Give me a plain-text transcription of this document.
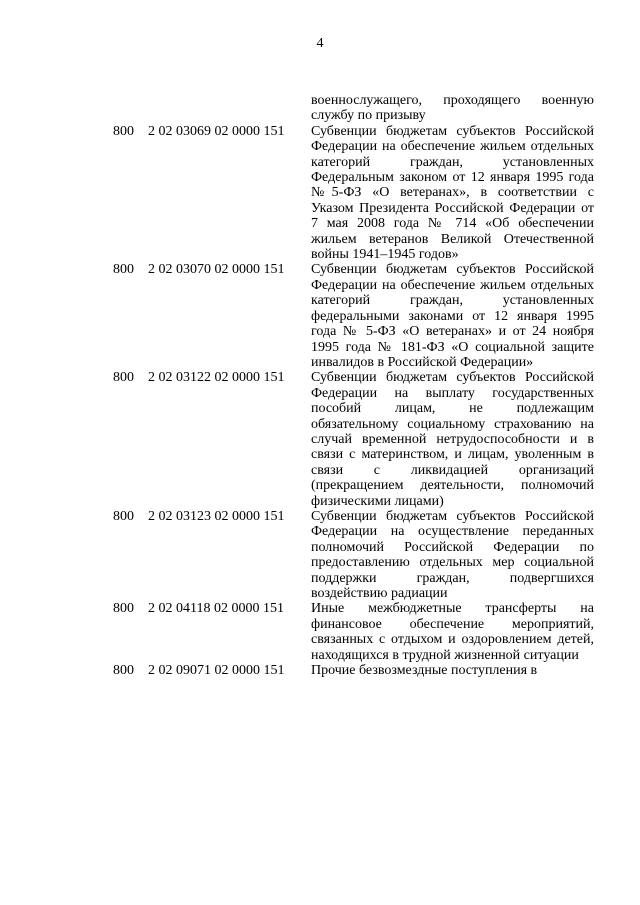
4
военнослужащего, проходящего военную службу по призыву
800 2 02 03069 02 0000 151 Субвенции бюджетам субъектов Российской Федерации на обеспечение жильем отдельных категорий граждан, установленных Федеральным законом от 12 января 1995 года №5-ФЗ «О ветеранах», в соответствии с Указом Президента Российской Федерации от 7 мая 2008 года № 714 «Об обеспечении жильем ветеранов Великой Отечественной войны 1941–1945 годов»
800 2 02 03070 02 0000 151 Субвенции бюджетам субъектов Российской Федерации на обеспечение жильем отдельных категорий граждан, установленных федеральными законами от 12 января 1995 года № 5-ФЗ «О ветеранах» и от 24 ноября 1995 года № 181-ФЗ «О социальной защите инвалидов в Российской Федерации»
800 2 02 03122 02 0000 151 Субвенции бюджетам субъектов Российской Федерации на выплату государственных пособий лицам, не подлежащим обязательному социальному страхованию на случай временной нетрудоспособности и в связи с материнством, и лицам, уволенным в связи с ликвидацией организаций (прекращением деятельности, полномочий физическими лицами)
800 2 02 03123 02 0000 151 Субвенции бюджетам субъектов Российской Федерации на осуществление переданных полномочий Российской Федерации по предоставлению отдельных мер социальной поддержки граждан, подвергшихся воздействию радиации
800 2 02 04118 02 0000 151 Иные межбюджетные трансферты на финансовое обеспечение мероприятий, связанных с отдыхом и оздоровлением детей, находящихся в трудной жизненной ситуации
800 2 02 09071 02 0000 151 Прочие безвозмездные поступления в
